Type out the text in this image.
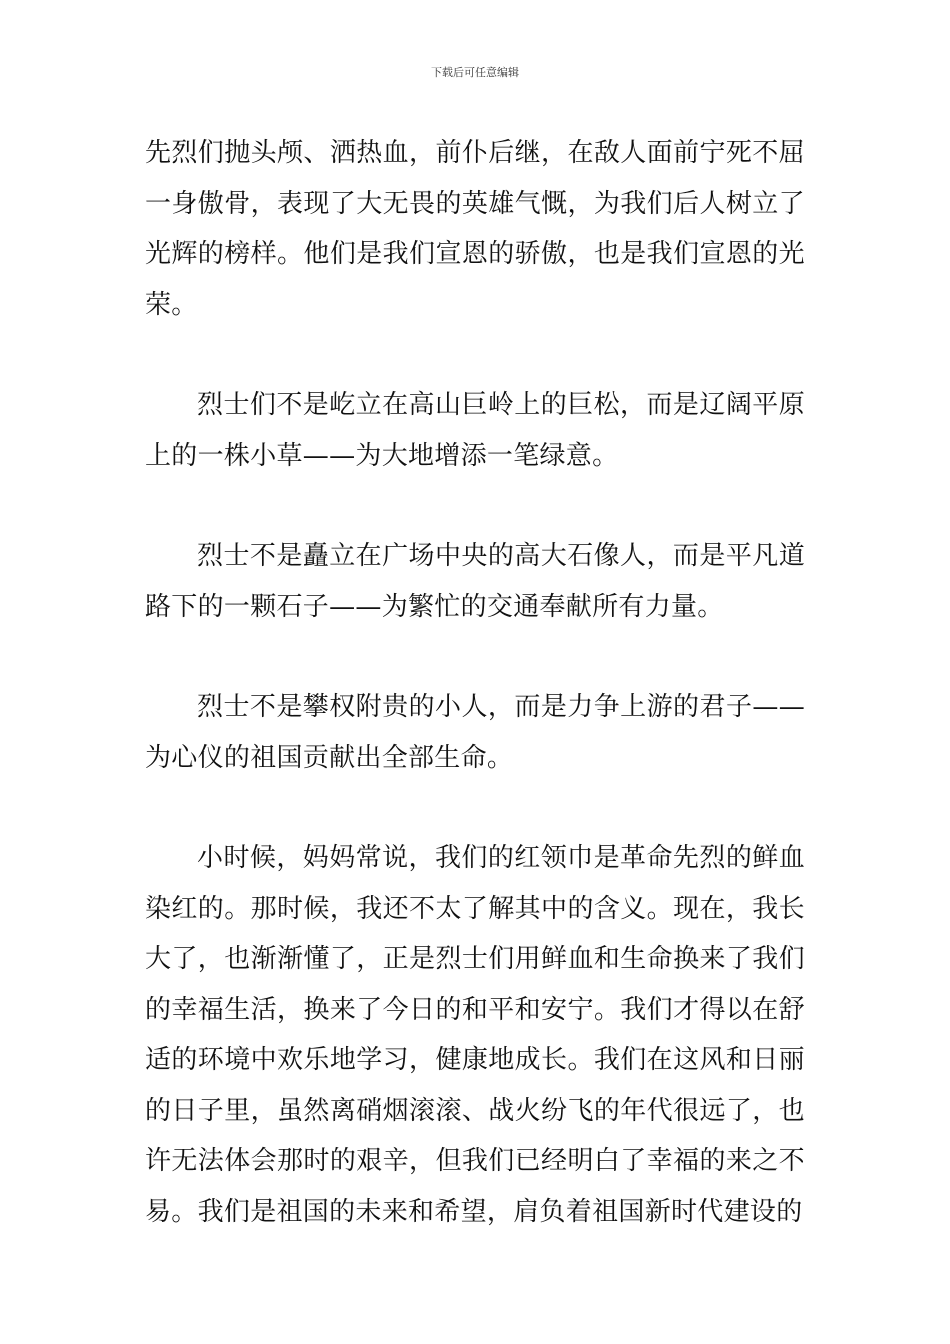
下载后可任意编辑

先烈们抛头颅、洒热血，前仆后继，在敌人面前宁死不屈一身傲骨，表现了大无畏的英雄气慨，为我们后人树立了光辉的榜样。他们是我们宣恩的骄傲，也是我们宣恩的光荣。

烈士们不是屹立在高山巨岭上的巨松，而是辽阔平原上的一株小草——为大地增添一笔绿意。

烈士不是矗立在广场中央的高大石像人，而是平凡道路下的一颗石子——为繁忙的交通奉献所有力量。

烈士不是攀权附贵的小人，而是力争上游的君子——为心仪的祖国贡献出全部生命。

小时候，妈妈常说，我们的红领巾是革命先烈的鲜血染红的。那时候，我还不太了解其中的含义。现在，我长大了，也渐渐懂了，正是烈士们用鲜血和生命换来了我们的幸福生活，换来了今日的和平和安宁。我们才得以在舒适的环境中欢乐地学习，健康地成长。我们在这风和日丽的日子里，虽然离硝烟滚滚、战火纷飞的年代很远了，也许无法体会那时的艰辛，但我们已经明白了幸福的来之不易。我们是祖国的未来和希望，肩负着祖国新时代建设的
